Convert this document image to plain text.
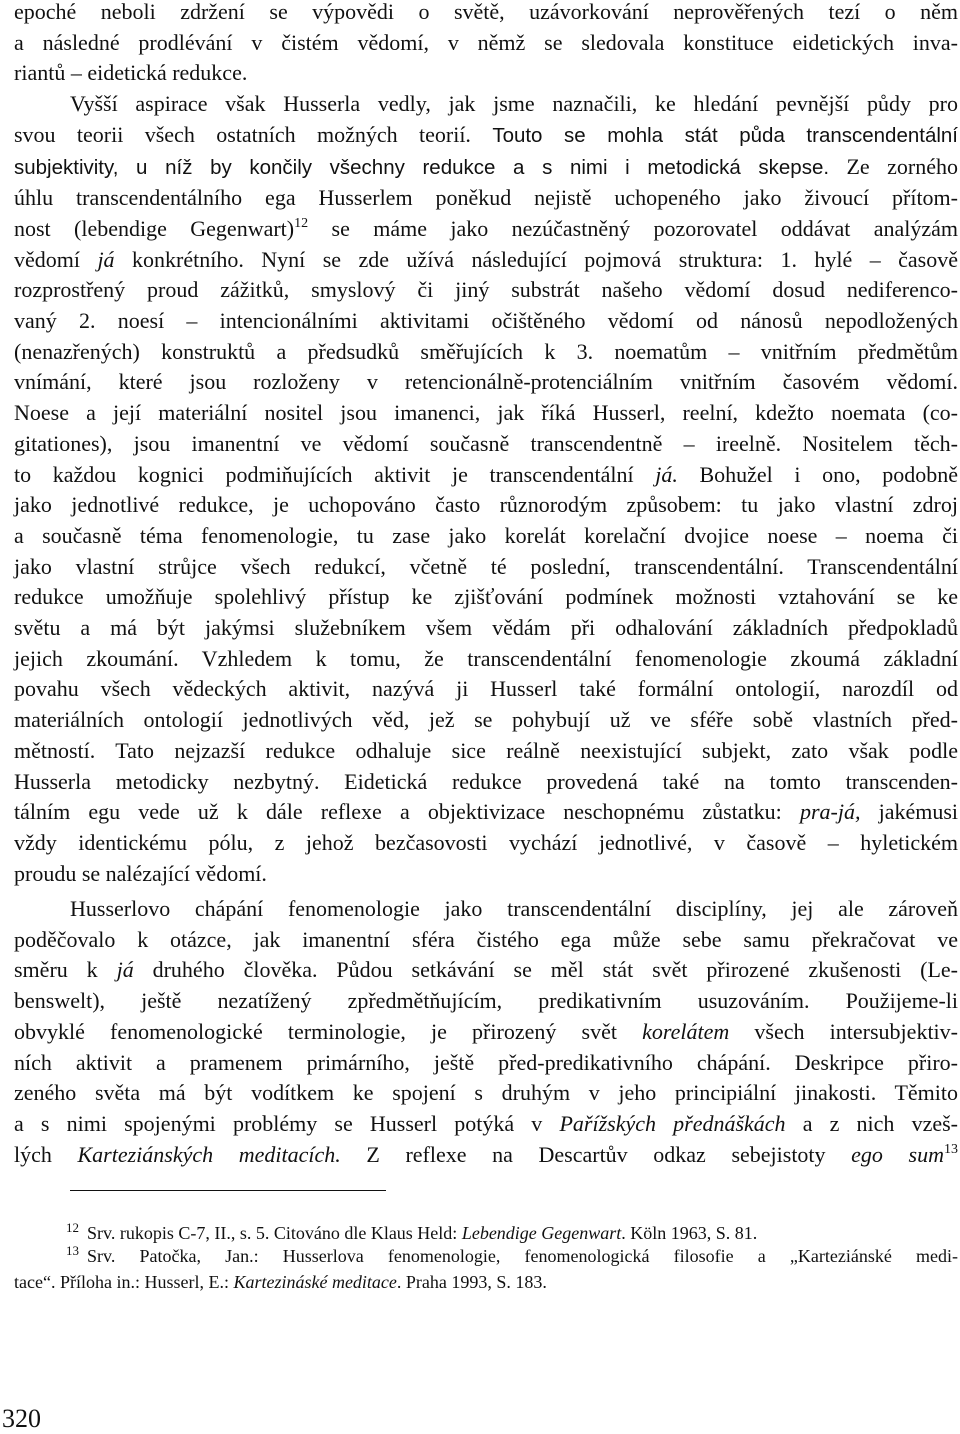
epoché neboli zdržení se výpovědi o světě, uzávorkování neprověřených tezí o něm
a následné prodlévání v čistém vědomí, v němž se sledovala konstituce eidetických inva-
riantů – eidetická redukce.
Vyšší aspirace však Husserla vedly, jak jsme naznačili, ke hledání pevnější půdy pro
svou teorii všech ostatních možných teorií. Touto se mohla stát půda transcendentální
subjektivity, u níž by končily všechny redukce a s nimi i metodická skepse. Ze zorného
úhlu transcendentálního ega Husserlem poněkud nejistě uchopeného jako živoucí přítom-
nost (lebendige Gegenwart)$^{12}$ se máme jako nezúčastněný pozorovatel oddávat analýzám
vědomí já konkrétního. Nyní se zde užívá následující pojmová struktura: 1. hylé – časově
rozprostřený proud zážitků, smyslový či jiný substrát našeho vědomí dosud nediferenco-
vaný 2. noesí – intencionálními aktivitami očištěného vědomí od nánosů nepodložených
(nenazřených) konstruktů a předsudků směřujících k 3. noematům – vnitřním předmětům
vnímání, které jsou rozloženy v retencionálně-protenciálním vnitřním časovém vědomí.
Noese a její materiální nositel jsou imanenci, jak říká Husserl, reelní, kdežto noemata (co-
gitationes), jsou imanentní ve vědomí současně transcendentně – ireelně. Nositelem těch-
to každou kognici podmiňujících aktivit je transcendentální já. Bohužel i ono, podobně
jako jednotlivé redukce, je uchopováno často různorodým způsobem: tu jako vlastní zdroj
a současně téma fenomenologie, tu zase jako korelát korelační dvojice noese – noema či
jako vlastní strůjce všech redukcí, včetně té poslední, transcendentální. Transcendentální
redukce umožňuje spolehlivý přístup ke zjišťování podmínek možnosti vztahování se ke
světu a má být jakýmsi služebníkem všem vědám při odhalování základních předpokladů
jejich zkoumání. Vzhledem k tomu, že transcendentální fenomenologie zkoumá základní
povahu všech vědeckých aktivit, nazývá ji Husserl také formální ontologií, narozdíl od
materiálních ontologií jednotlivých věd, jež se pohybují už ve sféře sobě vlastních před-
mětností. Tato nejzazší redukce odhaluje sice reálně neexistující subjekt, zato však podle
Husserla metodicky nezbytný. Eidetická redukce provedená také na tomto transcenden-
tálním egu vede už k dále reflexe a objektivizace neschopnému zůstatku: pra-já, jakémusi
vždy identickému pólu, z jehož bezčasovosti vychází jednotlivé, v časově – hyletickém
proudu se nalézající vědomí.
Husserlovo chápání fenomenologie jako transcendentální disciplíny, jej ale zároveň
poděčovalo k otázce, jak imanentní sféra čistého ega může sebe samu překračovat ve
směru k já druhého člověka. Půdou setkávání se měl stát svět přirozené zkušenosti (Le-
benswelt), ještě nezatížený zpředmětňujícím, predikativním usuzováním. Použijeme-li
obvyklé fenomenologické terminologie, je přirozený svět korelátem všech intersubjektiv-
ních aktivit a pramenem primárního, ještě před-predikativního chápání. Deskripce přiro-
zeného světa má být vodítkem ke spojení s druhým v jeho principiální jinakosti. Těmito
a s nimi spojenými problémy se Husserl potýká v Pařížských přednáškách a z nich vzeš-
lých Karteziánských meditacích. Z reflexe na Descartův odkaz sebejistoty ego sum$^{13}$

$^{12}$ Srv. rukopis C-7, II., s. 5. Citováno dle Klaus Held: Lebendige Gegenwart. Köln 1963, S. 81.

$^{13}$ Srv. Patočka, Jan.: Husserlova fenomenologie, fenomenologická filosofie a „Karteziánské medi-
tace“. Příloha in.: Husserl, E.: Kartezináské meditace. Praha 1993, S. 183.

320
